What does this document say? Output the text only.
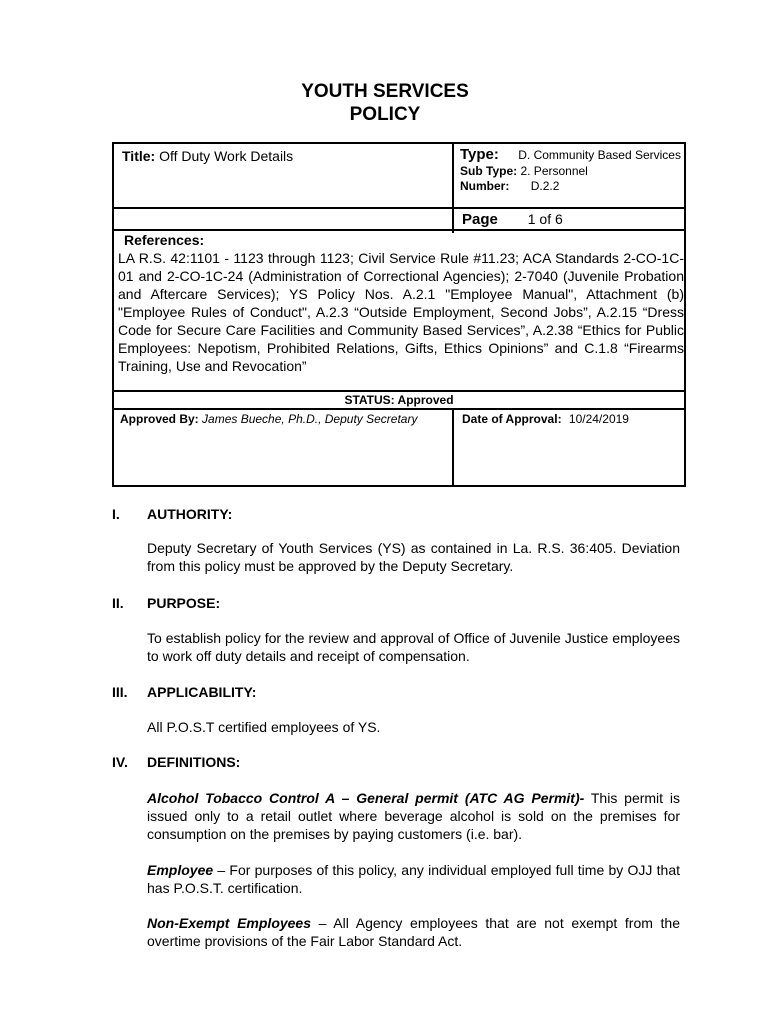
YOUTH SERVICES
POLICY
Title: Off Duty Work Details	Type: D. Community Based Services
Sub Type: 2. Personnel
Number: D.2.2
Page 1 of 6
References:
LA R.S. 42:1101 - 1123 through 1123; Civil Service Rule #11.23; ACA Standards 2-CO-1C-01 and 2-CO-1C-24 (Administration of Correctional Agencies); 2-7040 (Juvenile Probation and Aftercare Services); YS Policy Nos. A.2.1 "Employee Manual", Attachment (b) "Employee Rules of Conduct", A.2.3 “Outside Employment, Second Jobs”, A.2.15 “Dress Code for Secure Care Facilities and Community Based Services”, A.2.38 “Ethics for Public Employees: Nepotism, Prohibited Relations, Gifts, Ethics Opinions” and C.1.8 “Firearms Training, Use and Revocation”
STATUS: Approved
Approved By: James Bueche, Ph.D., Deputy Secretary	Date of Approval: 10/24/2019
I. AUTHORITY:
Deputy Secretary of Youth Services (YS) as contained in La. R.S. 36:405. Deviation from this policy must be approved by the Deputy Secretary.
II. PURPOSE:
To establish policy for the review and approval of Office of Juvenile Justice employees to work off duty details and receipt of compensation.
III. APPLICABILITY:
All P.O.S.T certified employees of YS.
IV. DEFINITIONS:
Alcohol Tobacco Control A – General permit (ATC AG Permit)- This permit is issued only to a retail outlet where beverage alcohol is sold on the premises for consumption on the premises by paying customers (i.e. bar).
Employee – For purposes of this policy, any individual employed full time by OJJ that has P.O.S.T. certification.
Non-Exempt Employees – All Agency employees that are not exempt from the overtime provisions of the Fair Labor Standard Act.
